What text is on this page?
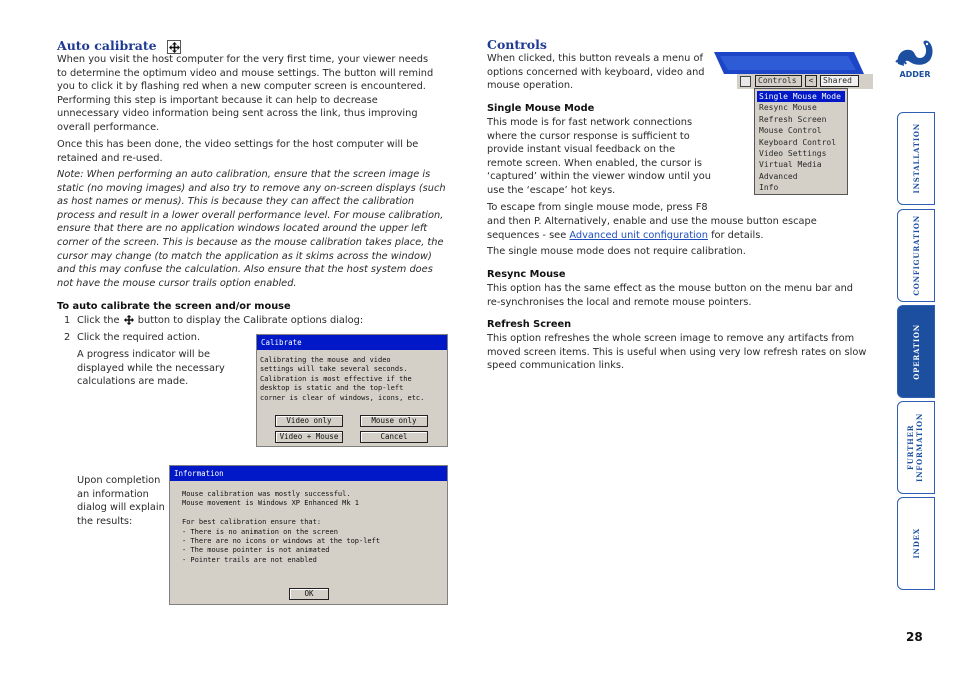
Auto calibrate
When you visit the host computer for the very first time, your viewer needs to determine the optimum video and mouse settings. The button will remind you to click it by flashing red when a new computer screen is encountered. Performing this step is important because it can help to decrease unnecessary video information being sent across the link, thus improving overall performance.
Once this has been done, the video settings for the host computer will be retained and re-used.
Note: When performing an auto calibration, ensure that the screen image is static (no moving images) and also try to remove any on-screen displays (such as host names or menus). This is because they can affect the calibration process and result in a lower overall performance level. For mouse calibration, ensure that there are no application windows located around the upper left corner of the screen. This is because as the mouse calibration takes place, the cursor may change (to match the application as it skims across the window) and this may confuse the calculation. Also ensure that the host system does not have the mouse cursor trails option enabled.
To auto calibrate the screen and/or mouse
1 Click the button to display the Calibrate options dialog:
2 Click the required action.
A progress indicator will be displayed while the necessary calculations are made.
Upon completion an information dialog will explain the results:
Calibrate
Calibrating the mouse and video
settings will take several seconds.
Calibration is most effective if the
desktop is static and the top-left
corner is clear of windows, icons, etc.
Video only	Mouse only
Video + Mouse	Cancel
Information
Mouse calibration was mostly successful.
Mouse movement is Windows XP Enhanced Mk 1

For best calibration ensure that:
- There is no animation on the screen
- There are no icons or windows at the top-left
- The mouse pointer is not animated
- Pointer trails are not enabled
OK
Controls
When clicked, this button reveals a menu of options concerned with keyboard, video and mouse operation.
Single Mouse Mode
This mode is for fast network connections where the cursor response is sufficient to provide instant visual feedback on the remote screen. When enabled, the cursor is ‘captured’ within the viewer window until you use the ‘escape’ hot keys.
To escape from single mouse mode, press F8
and then P. Alternatively, enable and use the mouse button escape sequences - see Advanced unit configuration for details.
The single mouse mode does not require calibration.
Resync Mouse
This option has the same effect as the mouse button on the menu bar and re-synchronises the local and remote mouse pointers.
Refresh Screen
This option refreshes the whole screen image to remove any artifacts from moved screen items. This is useful when using very low refresh rates on slow speed communication links.
Controls	<	Shared
Single Mouse Mode
Resync Mouse
Refresh Screen
Mouse Control
Keyboard Control
Video Settings
Virtual Media
Advanced
Info
ADDER
INSTALLATION
CONFIGURATION
OPERATION
FURTHER INFORMATION
INDEX
28
